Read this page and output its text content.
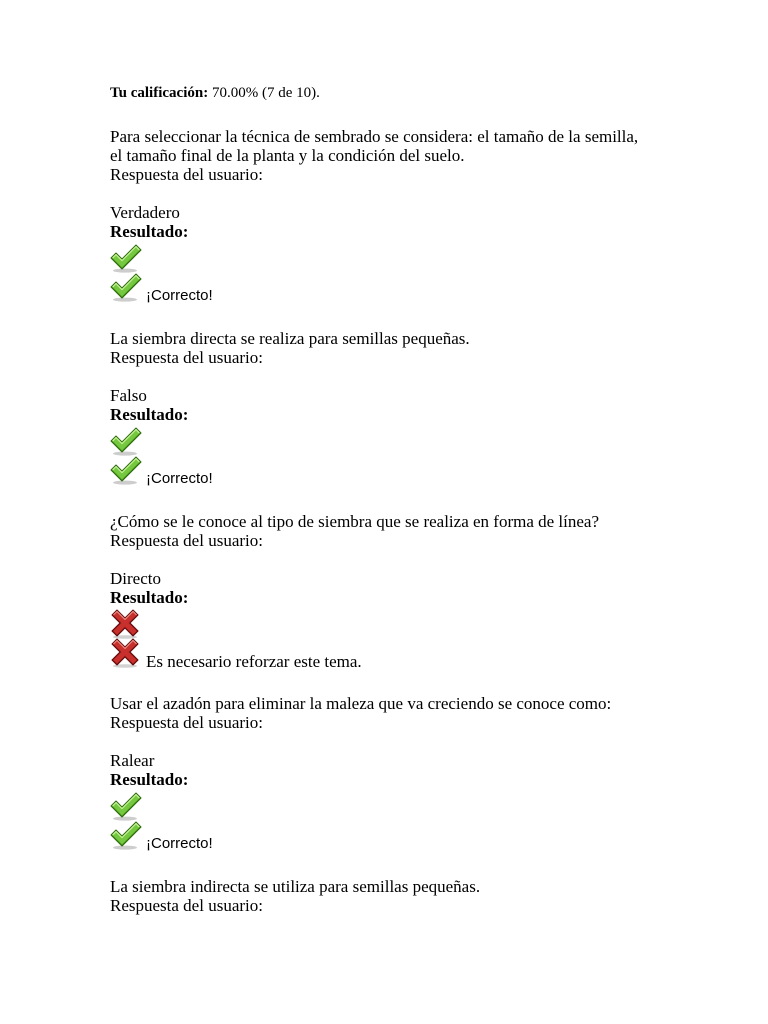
Tu calificación: 70.00% (7 de 10).
Para seleccionar la técnica de sembrado se considera: el tamaño de la semilla,
el tamaño final de la planta y la condición del suelo.
Respuesta del usuario:
Verdadero
Resultado:
¡Correcto!
La siembra directa se realiza para semillas pequeñas.
Respuesta del usuario:
Falso
Resultado:
¡Correcto!
¿Cómo se le conoce al tipo de siembra que se realiza en forma de línea?
Respuesta del usuario:
Directo
Resultado:
Es necesario reforzar este tema.
Usar el azadón para eliminar la maleza que va creciendo se conoce como:
Respuesta del usuario:
Ralear
Resultado:
¡Correcto!
La siembra indirecta se utiliza para semillas pequeñas.
Respuesta del usuario:
